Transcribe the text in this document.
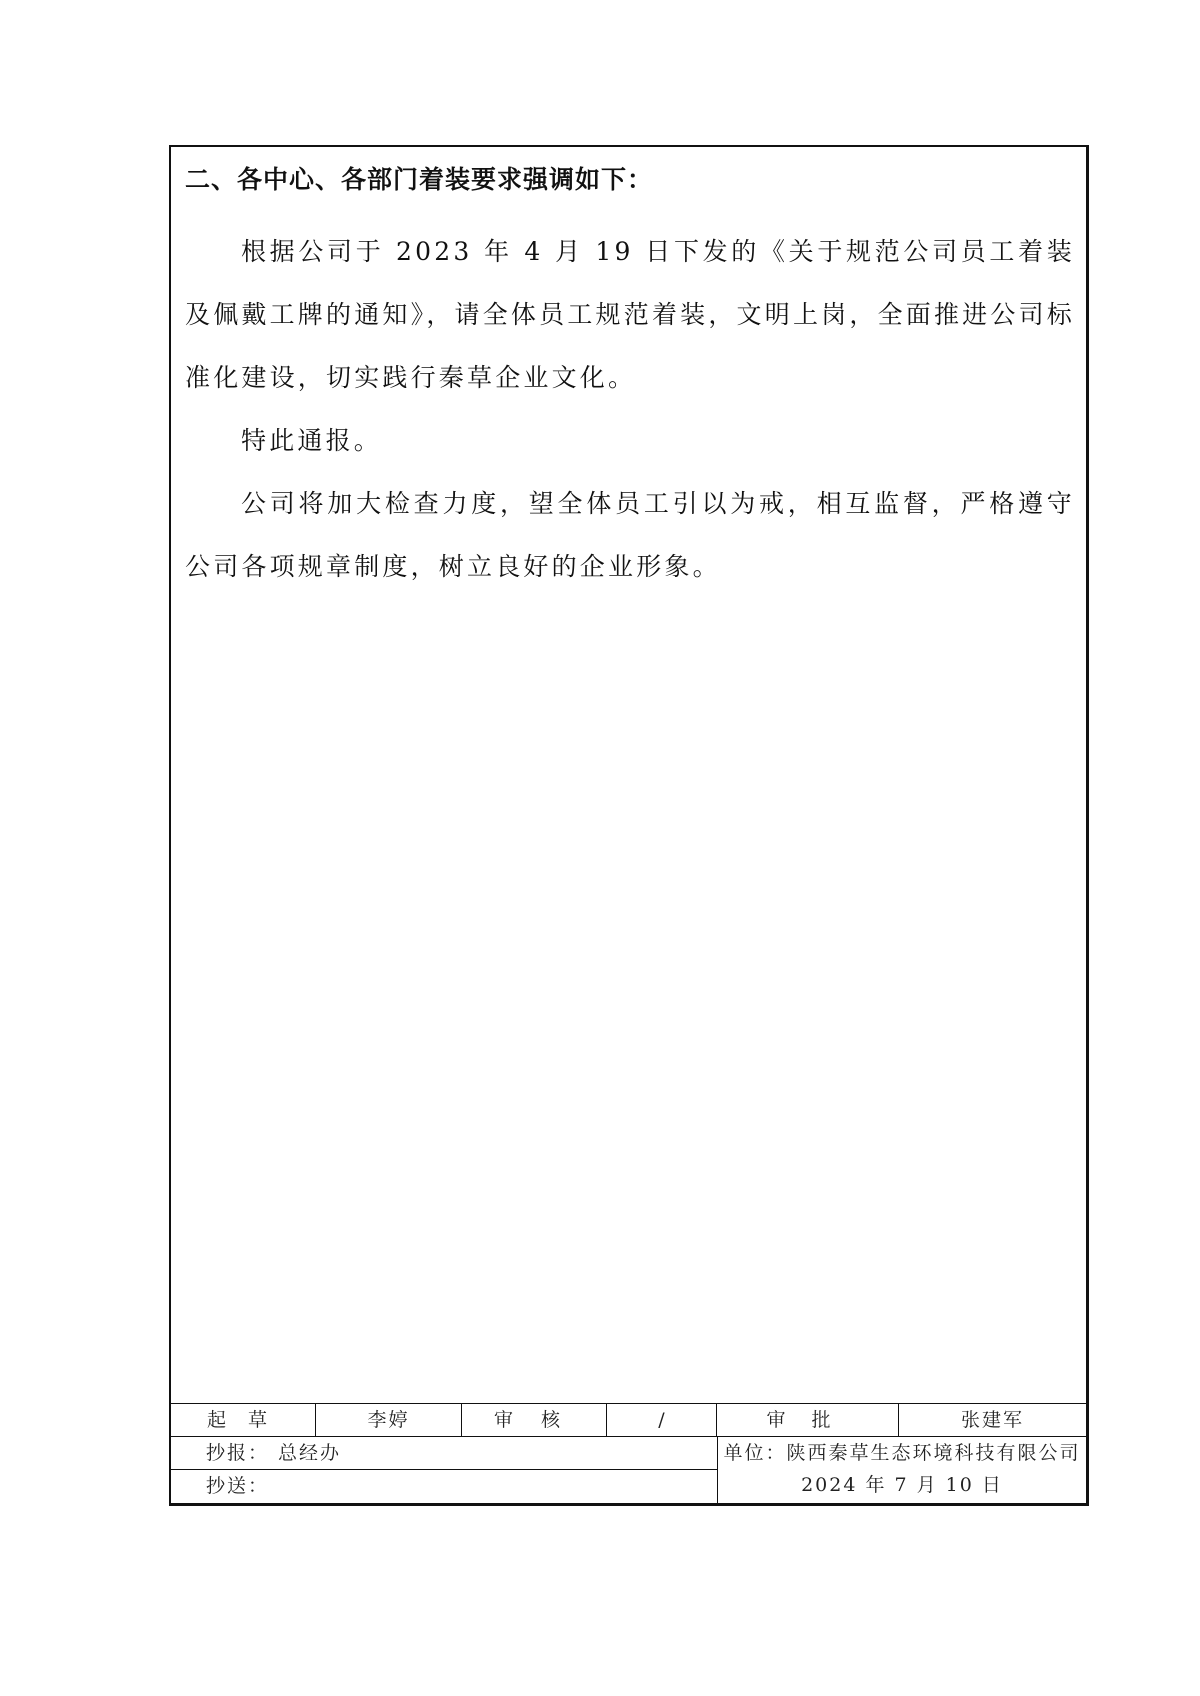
二、各中心、各部门着装要求强调如下：

根据公司于 2023 年 4 月 19 日下发的《关于规范公司员工着装及佩戴工牌的通知》，请全体员工规范着装，文明上岗，全面推进公司标准化建设，切实践行秦草企业文化。

特此通报。

公司将加大检查力度，望全体员工引以为戒，相互监督，严格遵守公司各项规章制度，树立良好的企业形象。

起草	李婷	审核	/	审批	张建军
抄报： 总经办
抄送：
单位：陕西秦草生态环境科技有限公司
2024 年 7 月 10 日
